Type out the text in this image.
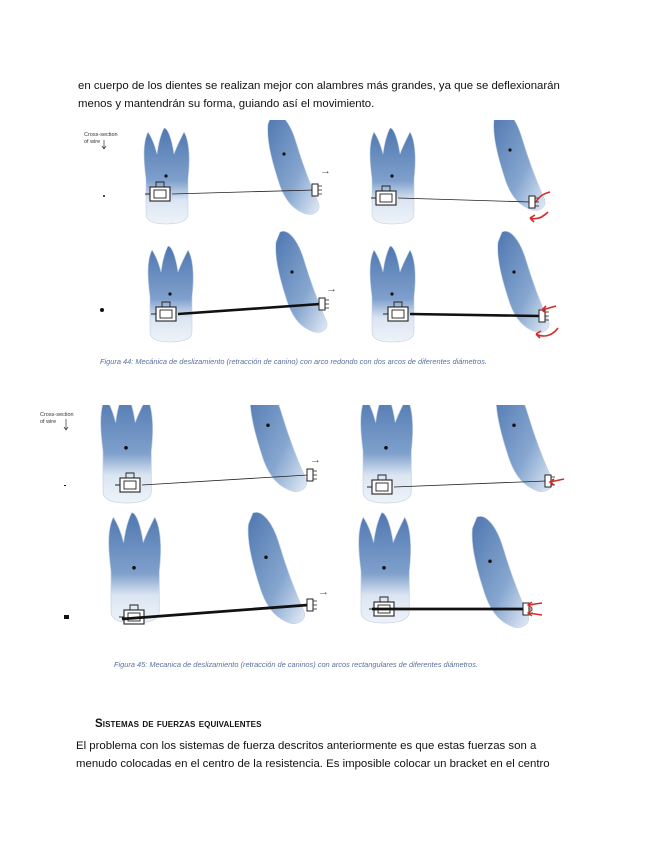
en cuerpo de los dientes se realizan mejor con alambres más grandes, ya que se deflexionarán menos y mantendrán su forma, guiando así el movimiento.

Cross-section
of wire
→
→

Figura 44: Mecánica de deslizamiento (retracción de canino) con arco redondo con dos arcos de diferentes diámetros.

Cross-section
of wire
→
→

Figura 45: Mecanica de deslizamiento (retracción de caninos) con arcos rectangulares de diferentes diámetros.

Sistemas de fuerzas equivalentes

El problema con los sistemas de fuerza descritos anteriormente es que estas fuerzas son a menudo colocadas en el centro de la resistencia. Es imposible colocar un bracket en el centro
